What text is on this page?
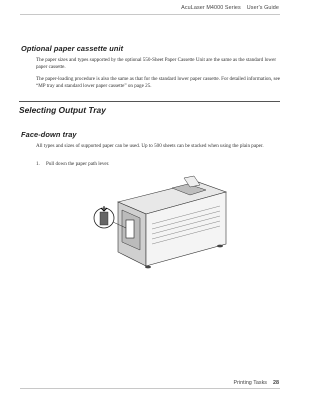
AcuLaser M4000 Series User's Guide
Optional paper cassette unit

The paper sizes and types supported by the optional 550-Sheet Paper Cassette Unit are the same as the standard lower paper cassette.

The paper-loading procedure is also the same as that for the standard lower paper cassette. For detailed information, see “MP tray and standard lower paper cassette” on page 25.

Selecting Output Tray
Face-down tray

All types and sizes of supported paper can be used. Up to 500 sheets can be stacked when using the plain paper.

1. Pull down the paper path lever.
Printing Tasks 28
